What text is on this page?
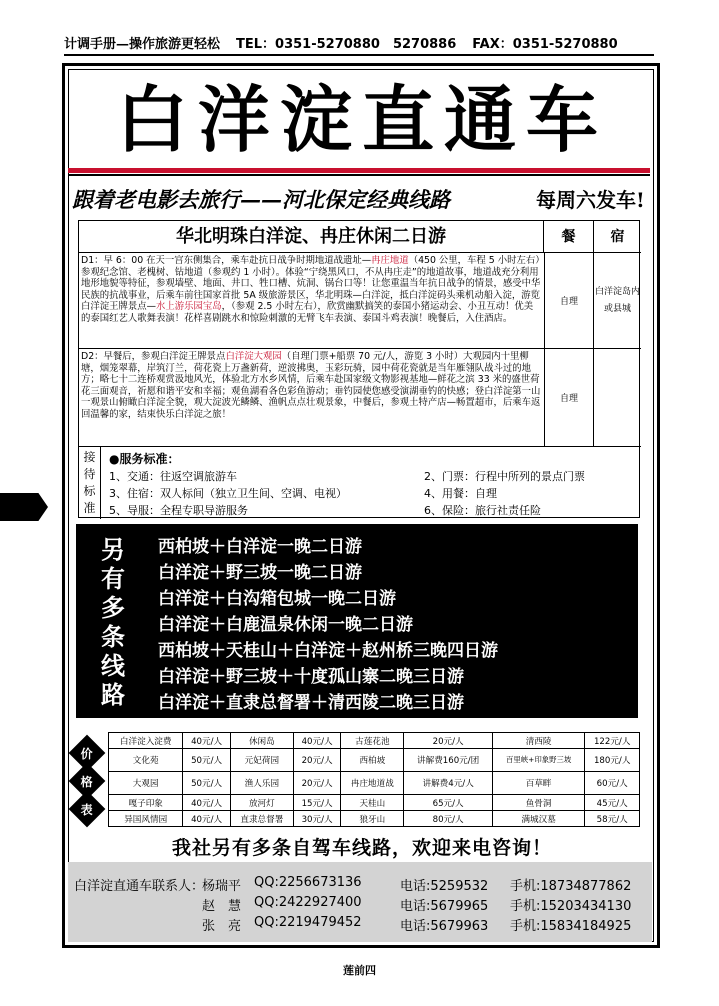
计调手册—操作旅游更轻松 TEL：0351-5270880　5270886 FAX：0351-5270880
白洋淀直通车
跟着老电影去旅行——河北保定经典线路	每周六发车!
华北明珠白洋淀、冉庄休闲二日游	餐	宿
D1：早 6：00 在天一宫东侧集合，乘车赴抗日战争时期地道战遗址—冉庄地道（450 公里，车程 5 小时左右）参观纪念馆、老槐树、钻地道（参观约 1 小时）。体验“宁绕黑风口，不从冉庄走”的地道故事，地道战充分利用地形地貌等特征，参观墙壁、地面、井口、牲口槽、炕洞、锅台口等！让您重温当年抗日战争的情景，感受中华民族的抗战事业，后乘车前往国家首批 5A 级旅游景区，华北明珠—白洋淀，抵白洋淀码头乘机动船入淀，游览白洋淀王牌景点—水上游乐园宝岛，（参观 2.5 小时左右），欣赏幽默搞笑的泰国小猪运动会、小丑互动！优美的泰国红艺人歌舞表演！花样喜剧跳水和惊险刺激的无臂飞车表演、泰国斗鸡表演！晚餐后，入住酒店。
自理
白洋淀岛内或县城
D2：早餐后，参观白洋淀王牌景点白洋淀大观园（自理门票+船票 70 元/人，游览 3 小时）大观园内十里柳塘，烟笼翠幕，岸筑汀兰，荷花瓷上万盏新荷，逆波拂奥，玉彩玩骑，园中荷花瓷就是当年雁翎队战斗过的地方；略七十二连桥观赏汲地风光，体验北方水乡风情，后乘车赴国家级文物影视基地—鲜花之滨 33 米的盛世荷花三面观音，祈愿和谐平安和幸福；观鱼湖看各色彩鱼游动；垂钓园使您感受演湖垂钓的快感；登白洋淀第一山一观景山俯瞰白洋淀全貌，观大淀波光鳞鳞、渔帆点点壮观景象，中餐后，参观土特产店—畅置超市，后乘车返回温馨的家，结束快乐白洋淀之旅！
自理
接待标准
●服务标准：
1、交通：往返空调旅游车	2、门票：行程中所列的景点门票
3、住宿：双人标间（独立卫生间、空调、电视）	4、用餐：自理
5、导服：全程专职导游服务	6、保险：旅行社责任险
另有多条线路
西柏坡＋白洋淀一晚二日游
白洋淀＋野三坡一晚二日游
白洋淀＋白沟箱包城一晚二日游
白洋淀＋白鹿温泉休闲一晚二日游
西柏坡＋天桂山＋白洋淀＋赵州桥三晚四日游
白洋淀＋野三坡＋十度孤山寨二晚三日游
白洋淀＋直隶总督署＋清西陵二晚三日游
价
格
表
白洋淀入淀费	40元/人	休闲岛	40元/人	古莲花池	20元/人	清西陵	122元/人
文化苑	50元/人	元妃荷园	20元/人	西柏坡	讲解费160元/团	百里峡+印象野三坡	180元/人
大观园	50元/人	渔人乐园	20元/人	冉庄地道战	讲解费4元/人	百草畔	60元/人
嘎子印象	40元/人	放河灯	15元/人	天桂山	65元/人	鱼骨洞	45元/人
异国风情园	40元/人	直隶总督署	30元/人	狼牙山	80元/人	满城汉墓	58元/人
我社另有多条自驾车线路，欢迎来电咨询！
白洋淀直通车联系人：
杨瑞平 QQ:2256673136	电话:5259532 手机:18734877862
赵　慧 QQ:2422927400	电话:5679965 手机:15203434130
张　亮 QQ:2219479452	电话:5679963 手机:15834184925
莲前四
